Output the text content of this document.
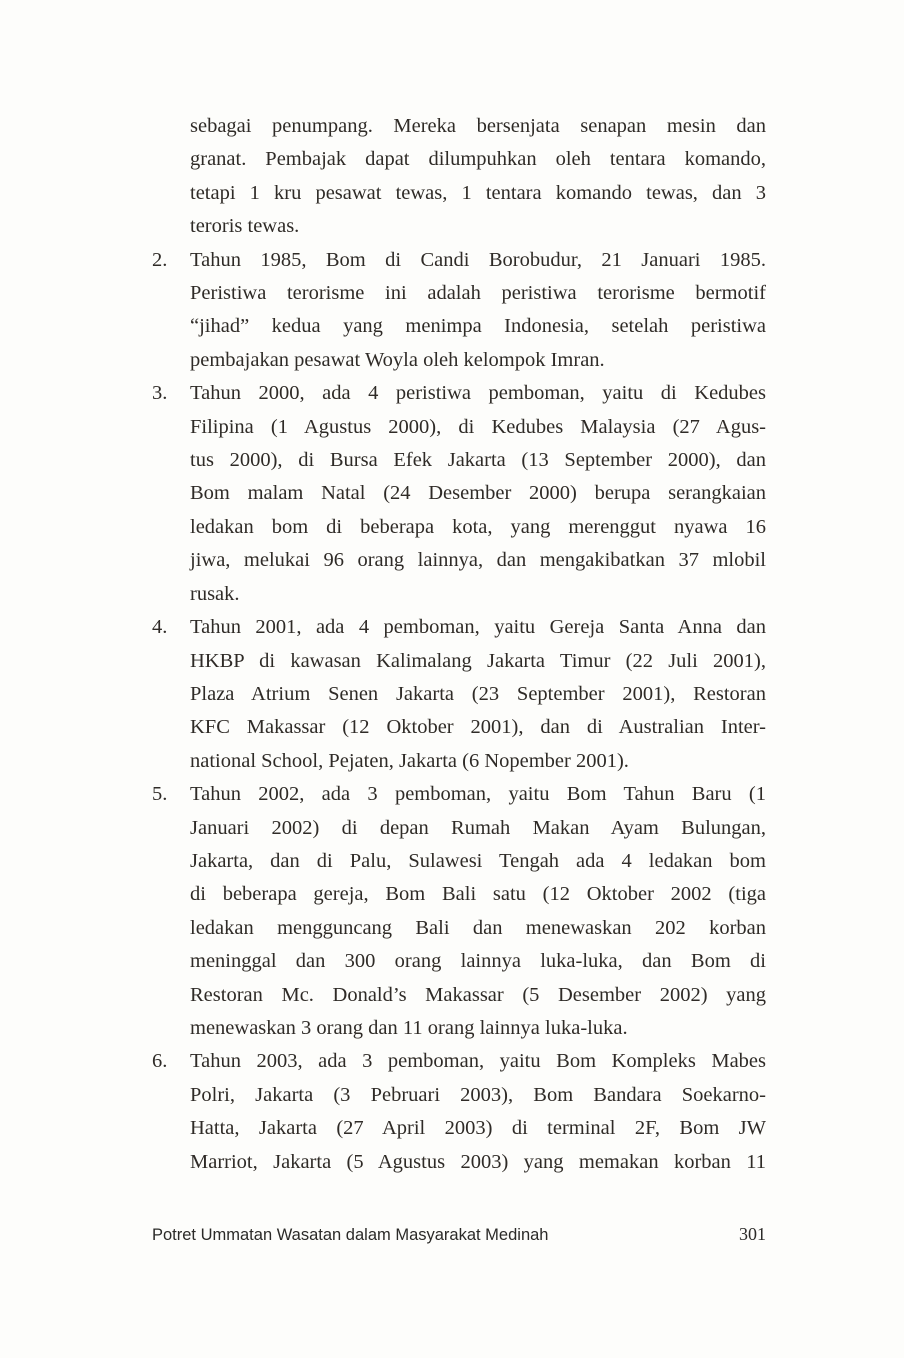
sebagai penumpang. Mereka bersenjata senapan mesin dan
granat. Pembajak dapat dilumpuhkan oleh tentara komando,
tetapi 1 kru pesawat tewas, 1 tentara komando tewas, dan 3
teroris tewas.
2.	Tahun 1985, Bom di Candi Borobudur, 21 Januari 1985.
Peristiwa terorisme ini adalah peristiwa terorisme bermotif
“jihad” kedua yang menimpa Indonesia, setelah peristiwa
pembajakan pesawat Woyla oleh kelompok Imran.
3.	Tahun 2000, ada 4 peristiwa pemboman, yaitu di Kedubes
Filipina (1 Agustus 2000), di Kedubes Malaysia (27 Agus-
tus 2000), di Bursa Efek Jakarta (13 September 2000), dan
Bom malam Natal (24 Desember 2000) berupa serangkaian
ledakan bom di beberapa kota, yang merenggut nyawa 16
jiwa, melukai 96 orang lainnya, dan mengakibatkan 37 mlobil
rusak.
4.	Tahun 2001, ada 4 pemboman, yaitu Gereja Santa Anna dan
HKBP di kawasan Kalimalang Jakarta Timur (22 Juli 2001),
Plaza Atrium Senen Jakarta (23 September 2001), Restoran
KFC Makassar (12 Oktober 2001), dan di Australian Inter-
national School, Pejaten, Jakarta (6 Nopember 2001).
5.	Tahun 2002, ada 3 pemboman, yaitu Bom Tahun Baru (1
Januari 2002) di depan Rumah Makan Ayam Bulungan,
Jakarta, dan di Palu, Sulawesi Tengah ada 4 ledakan bom
di beberapa gereja, Bom Bali satu (12 Oktober 2002 (tiga
ledakan mengguncang Bali dan menewaskan 202 korban
meninggal dan 300 orang lainnya luka-luka, dan Bom di
Restoran Mc. Donald’s Makassar (5 Desember 2002) yang
menewaskan 3 orang dan 11 orang lainnya luka-luka.
6.	Tahun 2003, ada 3 pemboman, yaitu Bom Kompleks Mabes
Polri, Jakarta (3 Pebruari 2003), Bom Bandara Soekarno-
Hatta, Jakarta (27 April 2003) di terminal 2F, Bom JW
Marriot, Jakarta (5 Agustus 2003) yang memakan korban 11
Potret Ummatan Wasatan dalam Masyarakat Medinah	301
